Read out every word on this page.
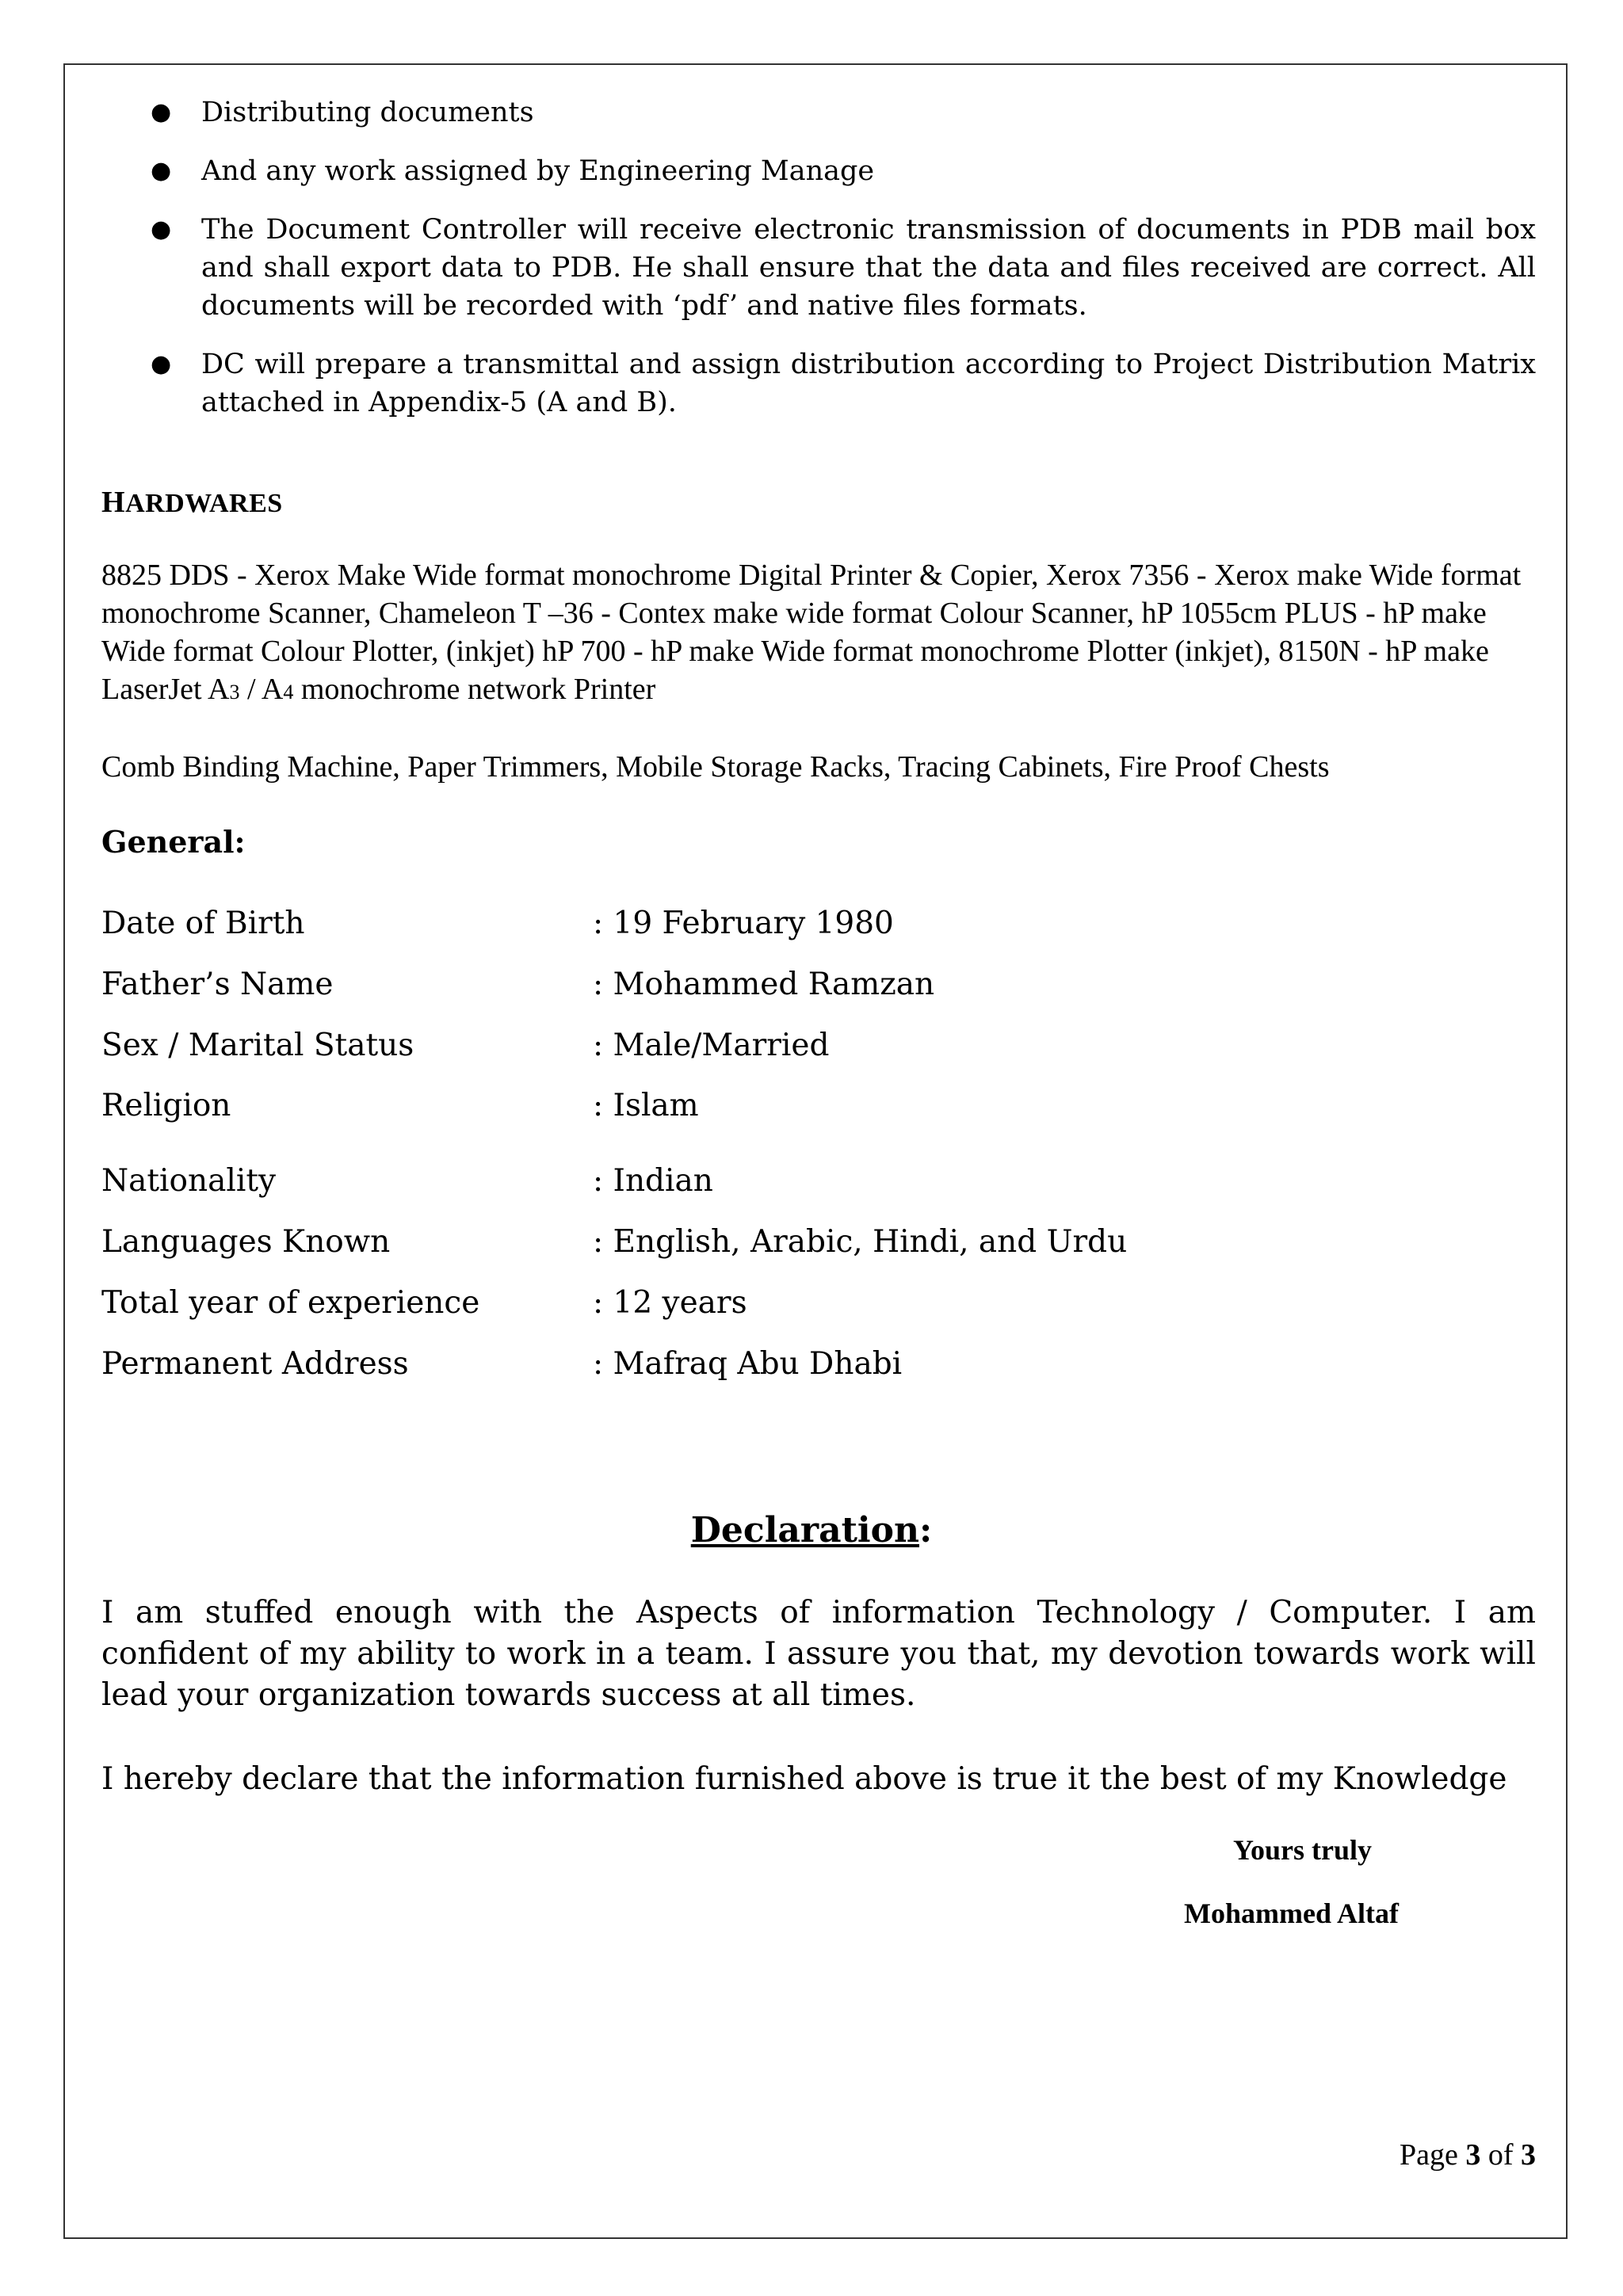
● Distributing documents
● And any work assigned by Engineering Manage
● The Document Controller will receive electronic transmission of documents in PDB mail box and shall export data to PDB. He shall ensure that the data and files received are correct. All documents will be recorded with ‘pdf’ and native files formats.
● DC will prepare a transmittal and assign distribution according to Project Distribution Matrix attached in Appendix-5 (A and B).
HARDWARES
8825 DDS - Xerox Make Wide format monochrome Digital Printer & Copier, Xerox 7356 - Xerox make Wide format monochrome Scanner, Chameleon T –36 - Contex make wide format Colour Scanner, hP 1055cm PLUS - hP make Wide format Colour Plotter, (inkjet) hP 700 - hP make Wide format monochrome Plotter (inkjet), 8150N - hP make LaserJet A3 / A4 monochrome network Printer
Comb Binding Machine, Paper Trimmers, Mobile Storage Racks, Tracing Cabinets, Fire Proof Chests
General:
Date of Birth	: 19 February 1980
Father’s Name	: Mohammed Ramzan
Sex / Marital Status	: Male/Married
Religion	: Islam
Nationality	: Indian
Languages Known	: English, Arabic, Hindi, and Urdu
Total year of experience	: 12 years
Permanent Address	: Mafraq Abu Dhabi
Declaration:
I am stuffed enough with the Aspects of information Technology / Computer. I am confident of my ability to work in a team. I assure you that, my devotion towards work will lead your organization towards success at all times.
I hereby declare that the information furnished above is true it the best of my Knowledge
Yours truly
Mohammed Altaf
Page 3 of 3
